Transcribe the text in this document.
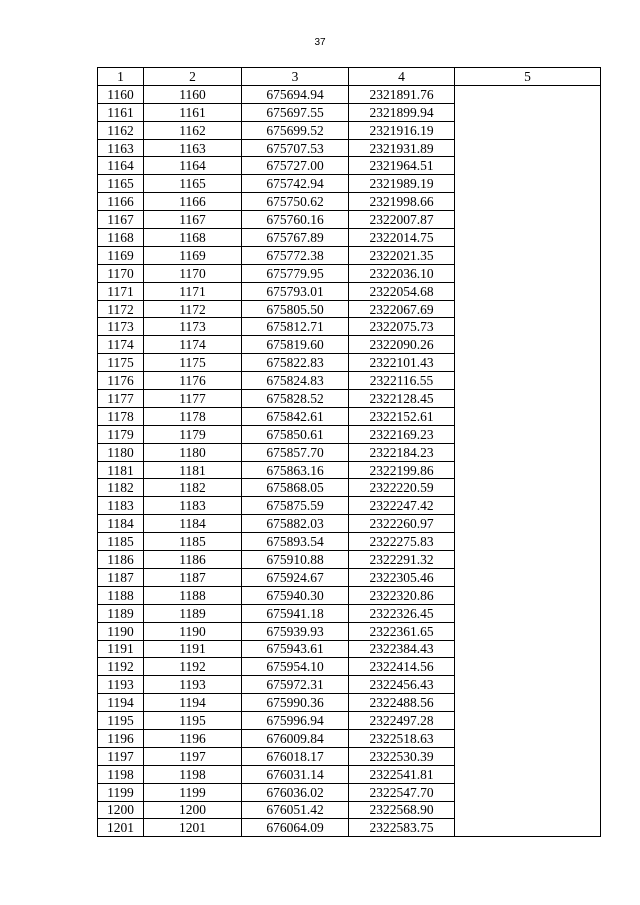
37
1	2	3	4	5
1160	1160	675694.94	2321891.76	
1161	1161	675697.55	2321899.94	
1162	1162	675699.52	2321916.19	
1163	1163	675707.53	2321931.89	
1164	1164	675727.00	2321964.51	
1165	1165	675742.94	2321989.19	
1166	1166	675750.62	2321998.66	
1167	1167	675760.16	2322007.87	
1168	1168	675767.89	2322014.75	
1169	1169	675772.38	2322021.35	
1170	1170	675779.95	2322036.10	
1171	1171	675793.01	2322054.68	
1172	1172	675805.50	2322067.69	
1173	1173	675812.71	2322075.73	
1174	1174	675819.60	2322090.26	
1175	1175	675822.83	2322101.43	
1176	1176	675824.83	2322116.55	
1177	1177	675828.52	2322128.45	
1178	1178	675842.61	2322152.61	
1179	1179	675850.61	2322169.23	
1180	1180	675857.70	2322184.23	
1181	1181	675863.16	2322199.86	
1182	1182	675868.05	2322220.59	
1183	1183	675875.59	2322247.42	
1184	1184	675882.03	2322260.97	
1185	1185	675893.54	2322275.83	
1186	1186	675910.88	2322291.32	
1187	1187	675924.67	2322305.46	
1188	1188	675940.30	2322320.86	
1189	1189	675941.18	2322326.45	
1190	1190	675939.93	2322361.65	
1191	1191	675943.61	2322384.43	
1192	1192	675954.10	2322414.56	
1193	1193	675972.31	2322456.43	
1194	1194	675990.36	2322488.56	
1195	1195	675996.94	2322497.28	
1196	1196	676009.84	2322518.63	
1197	1197	676018.17	2322530.39	
1198	1198	676031.14	2322541.81	
1199	1199	676036.02	2322547.70	
1200	1200	676051.42	2322568.90	
1201	1201	676064.09	2322583.75	
